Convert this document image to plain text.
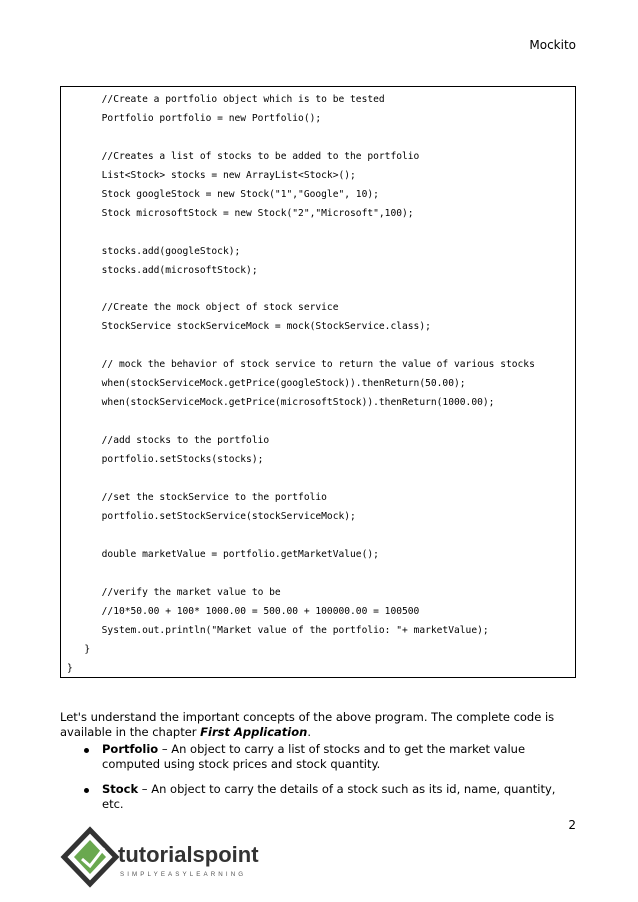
Mockito
//Create a portfolio object which is to be tested
Portfolio portfolio = new Portfolio();
//Creates a list of stocks to be added to the portfolio
List<Stock> stocks = new ArrayList<Stock>();
Stock googleStock = new Stock("1","Google", 10);
Stock microsoftStock = new Stock("2","Microsoft",100);
stocks.add(googleStock);
stocks.add(microsoftStock);
//Create the mock object of stock service
StockService stockServiceMock = mock(StockService.class);
// mock the behavior of stock service to return the value of various stocks
when(stockServiceMock.getPrice(googleStock)).thenReturn(50.00);
when(stockServiceMock.getPrice(microsoftStock)).thenReturn(1000.00);
//add stocks to the portfolio
portfolio.setStocks(stocks);
//set the stockService to the portfolio
portfolio.setStockService(stockServiceMock);
double marketValue = portfolio.getMarketValue();
//verify the market value to be
//10*50.00 + 100* 1000.00 = 500.00 + 100000.00 = 100500
System.out.println("Market value of the portfolio: "+ marketValue);
}
}
Let's understand the important concepts of the above program. The complete code is available in the chapter First Application.
Portfolio – An object to carry a list of stocks and to get the market value computed using stock prices and stock quantity.
Stock – An object to carry the details of a stock such as its id, name, quantity, etc.
2
tutorialspoint
SIMPLYEASYLEARNING
